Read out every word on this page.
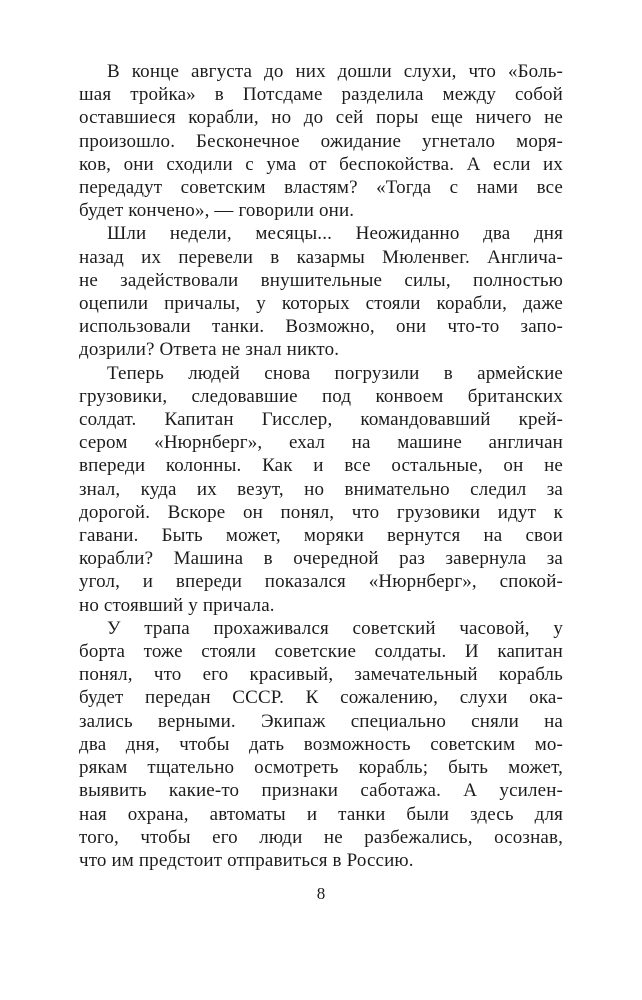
В конце августа до них дошли слухи, что «Боль-
шая тройка» в Потсдаме разделила между собой
оставшиеся корабли, но до сей поры еще ничего не
произошло. Бесконечное ожидание угнетало моря-
ков, они сходили с ума от беспокойства. А если их
передадут советским властям? «Тогда с нами все
будет кончено», — говорили они.

Шли недели, месяцы... Неожиданно два дня
назад их перевели в казармы Мюленвег. Англича-
не задействовали внушительные силы, полностью
оцепили причалы, у которых стояли корабли, даже
использовали танки. Возможно, они что-то запо-
дозрили? Ответа не знал никто.

Теперь людей снова погрузили в армейские
грузовики, следовавшие под конвоем британских
солдат. Капитан Гисслер, командовавший крей-
сером «Нюрнберг», ехал на машине англичан
впереди колонны. Как и все остальные, он не
знал, куда их везут, но внимательно следил за
дорогой. Вскоре он понял, что грузовики идут к
гавани. Быть может, моряки вернутся на свои
корабли? Машина в очередной раз завернула за
угол, и впереди показался «Нюрнберг», спокой-
но стоявший у причала.

У трапа прохаживался советский часовой, у
борта тоже стояли советские солдаты. И капитан
понял, что его красивый, замечательный корабль
будет передан СССР. К сожалению, слухи ока-
зались верными. Экипаж специально сняли на
два дня, чтобы дать возможность советским мо-
рякам тщательно осмотреть корабль; быть может,
выявить какие-то признаки саботажа. А усилен-
ная охрана, автоматы и танки были здесь для
того, чтобы его люди не разбежались, осознав,
что им предстоит отправиться в Россию.

8
